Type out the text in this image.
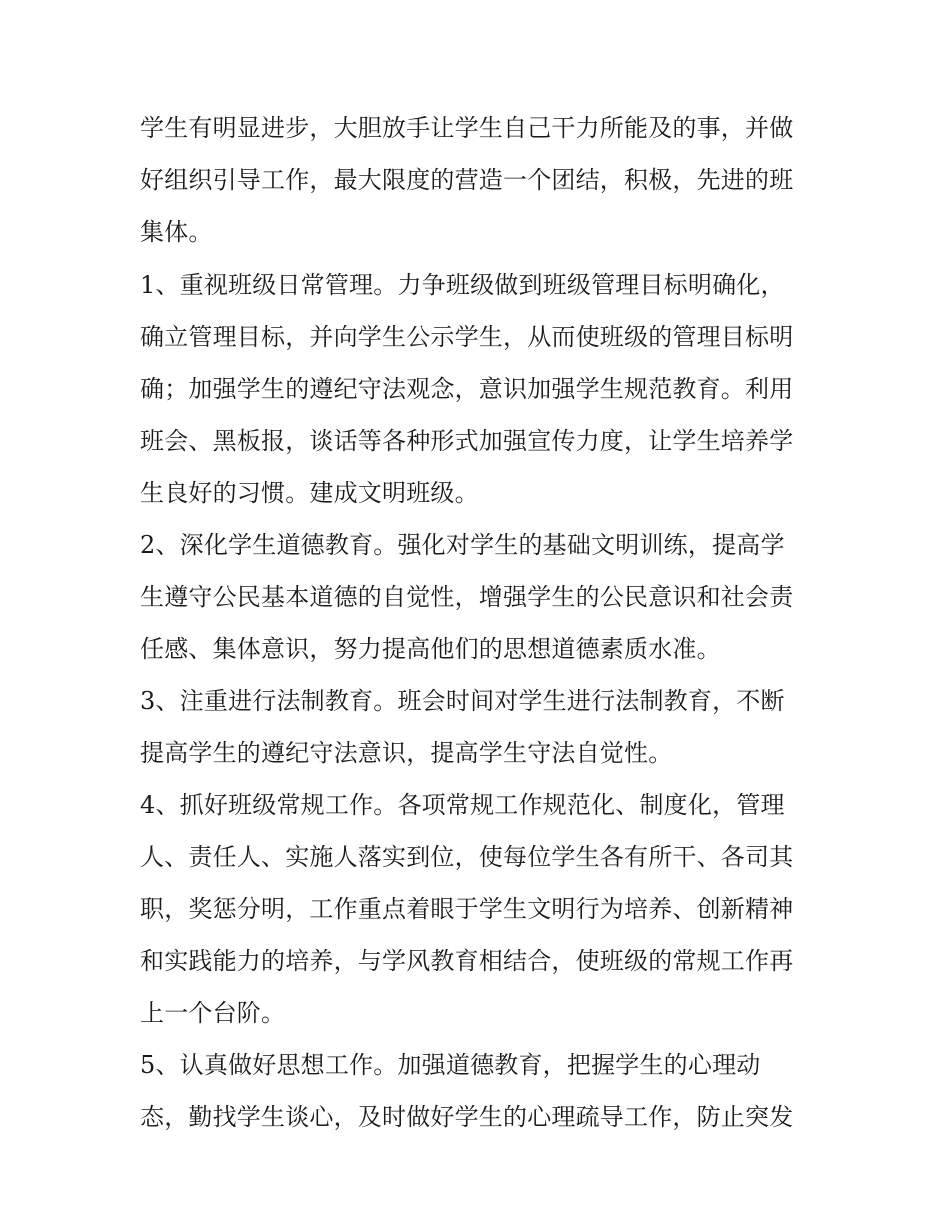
学生有明显进步，大胆放手让学生自己干力所能及的事，并做
好组织引导工作，最大限度的营造一个团结，积极，先进的班
集体。
1、重视班级日常管理。力争班级做到班级管理目标明确化，
确立管理目标，并向学生公示学生，从而使班级的管理目标明
确；加强学生的遵纪守法观念，意识加强学生规范教育。利用
班会、黑板报，谈话等各种形式加强宣传力度，让学生培养学
生良好的习惯。建成文明班级。
2、深化学生道德教育。强化对学生的基础文明训练，提高学
生遵守公民基本道德的自觉性，增强学生的公民意识和社会责
任感、集体意识，努力提高他们的思想道德素质水准。
3、注重进行法制教育。班会时间对学生进行法制教育，不断
提高学生的遵纪守法意识，提高学生守法自觉性。
4、抓好班级常规工作。各项常规工作规范化、制度化，管理
人、责任人、实施人落实到位，使每位学生各有所干、各司其
职，奖惩分明，工作重点着眼于学生文明行为培养、创新精神
和实践能力的培养，与学风教育相结合，使班级的常规工作再
上一个台阶。
5、认真做好思想工作。加强道德教育，把握学生的心理动
态，勤找学生谈心，及时做好学生的心理疏导工作，防止突发
